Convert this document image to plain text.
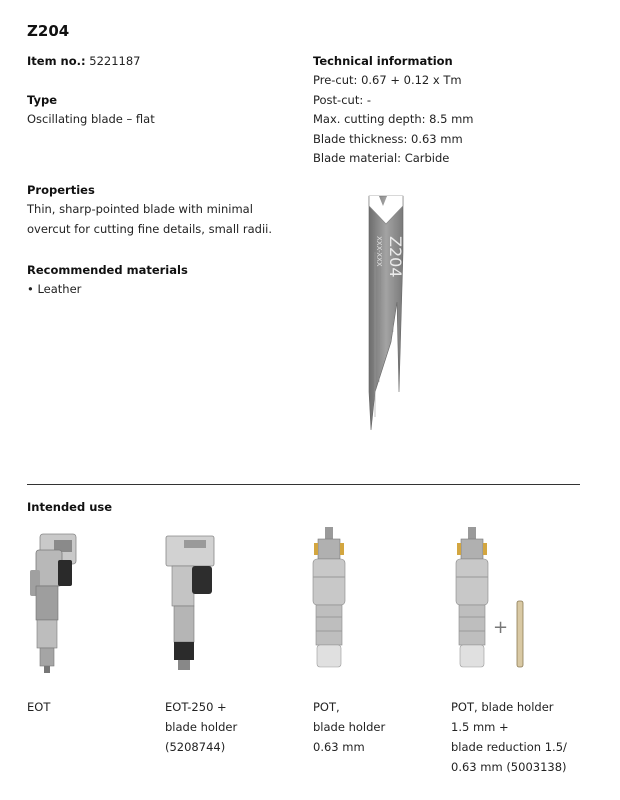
Z204
Item no.: 5221187
Type
Oscillating blade – flat
Properties
Thin, sharp-pointed blade with minimal
overcut for cutting fine details, small radii.
Recommended materials
• Leather
Technical information
Pre-cut: 0.67 + 0.12 x Tm
Post-cut: -
Max. cutting depth: 8.5 mm
Blade thickness: 0.63 mm
Blade material: Carbide
Z204
XXX-XXX
Intended use
+
EOT	EOT-250 +
blade holder
(5208744)
POT,
blade holder
0.63 mm
POT, blade holder
1.5 mm +
blade reduction 1.5/
0.63 mm (5003138)
